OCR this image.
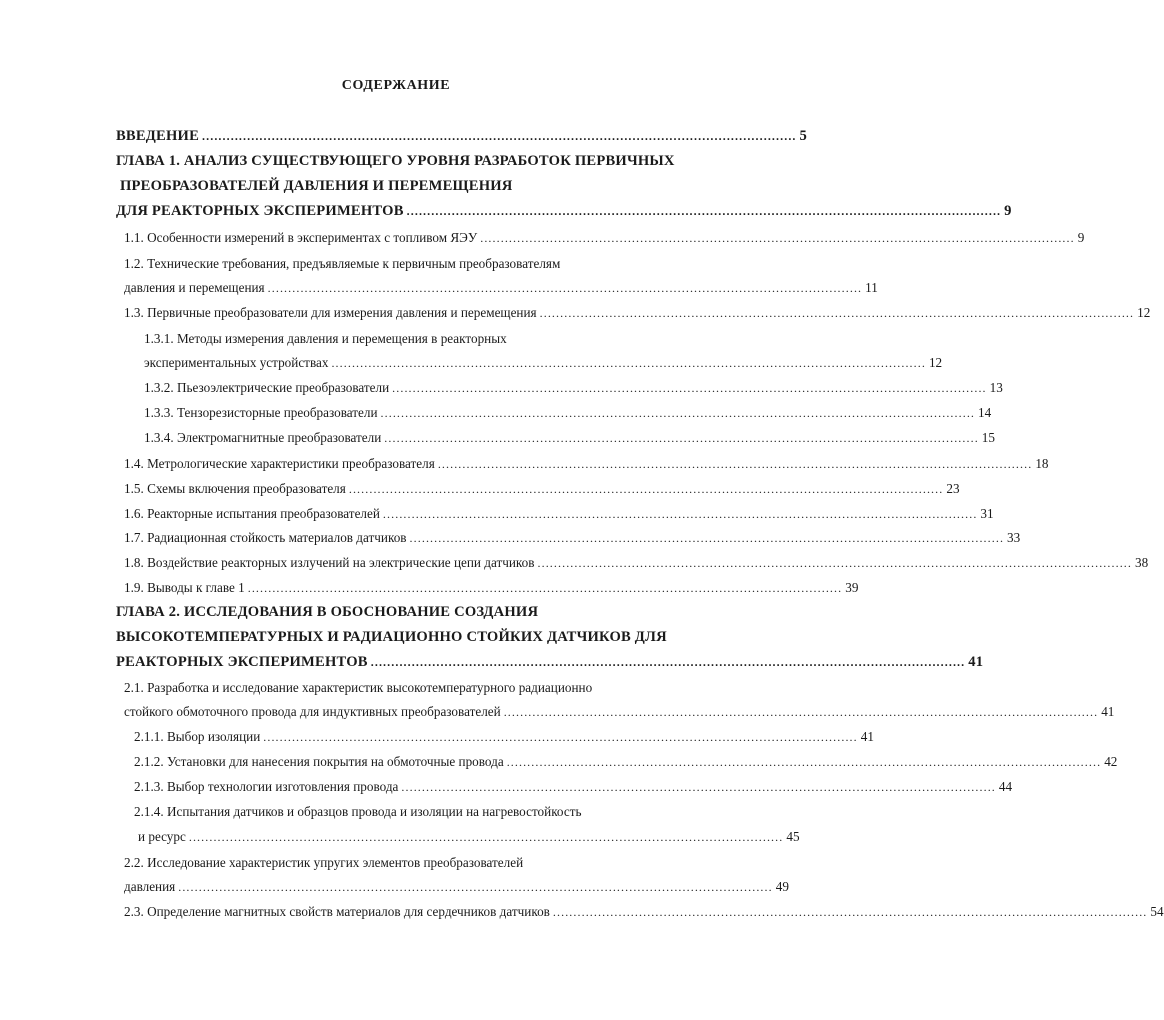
СОДЕРЖАНИЕ
ВВЕДЕНИЕ ................................................................................................................................................. 5
ГЛАВА 1. АНАЛИЗ СУЩЕСТВУЮЩЕГО УРОВНЯ РАЗРАБОТОК ПЕРВИЧНЫХ
ПРЕОБРАЗОВАТЕЛЕЙ ДАВЛЕНИЯ И ПЕРЕМЕЩЕНИЯ
ДЛЯ РЕАКТОРНЫХ ЭКСПЕРИМЕНТОВ ................................................................................................................................................. 9
1.1. Особенности измерений в экспериментах с топливом ЯЭУ ................................................................................................................................................. 9
1.2. Технические требования, предъявляемые к первичным преобразователям
давления и перемещения ................................................................................................................................................. 11
1.3. Первичные преобразователи для измерения давления и перемещения ................................................................................................................................................. 12
1.3.1. Методы измерения давления и перемещения в реакторных
экспериментальных устройствах ................................................................................................................................................. 12
1.3.2. Пьезоэлектрические преобразователи ................................................................................................................................................. 13
1.3.3. Тензорезисторные преобразователи ................................................................................................................................................. 14
1.3.4. Электромагнитные преобразователи ................................................................................................................................................. 15
1.4. Метрологические характеристики преобразователя ................................................................................................................................................. 18
1.5. Схемы включения преобразователя ................................................................................................................................................. 23
1.6. Реакторные испытания преобразователей ................................................................................................................................................. 31
1.7. Радиационная стойкость материалов датчиков ................................................................................................................................................. 33
1.8. Воздействие реакторных излучений на электрические цепи датчиков ................................................................................................................................................. 38
1.9. Выводы к главе 1 ................................................................................................................................................. 39
ГЛАВА 2. ИССЛЕДОВАНИЯ В ОБОСНОВАНИЕ СОЗДАНИЯ
ВЫСОКОТЕМПЕРАТУРНЫХ И РАДИАЦИОННО СТОЙКИХ ДАТЧИКОВ ДЛЯ
РЕАКТОРНЫХ ЭКСПЕРИМЕНТОВ ................................................................................................................................................. 41
2.1. Разработка и исследование характеристик высокотемпературного радиационно
стойкого обмоточного провода для индуктивных преобразователей ................................................................................................................................................. 41
2.1.1. Выбор изоляции ................................................................................................................................................. 41
2.1.2. Установки для нанесения покрытия на обмоточные провода ................................................................................................................................................. 42
2.1.3. Выбор технологии изготовления провода ................................................................................................................................................. 44
2.1.4. Испытания датчиков и образцов провода и изоляции на нагревостойкость
и ресурс ................................................................................................................................................. 45
2.2. Исследование характеристик упругих элементов преобразователей
давления ................................................................................................................................................. 49
2.3. Определение магнитных свойств материалов для сердечников датчиков ................................................................................................................................................. 54
